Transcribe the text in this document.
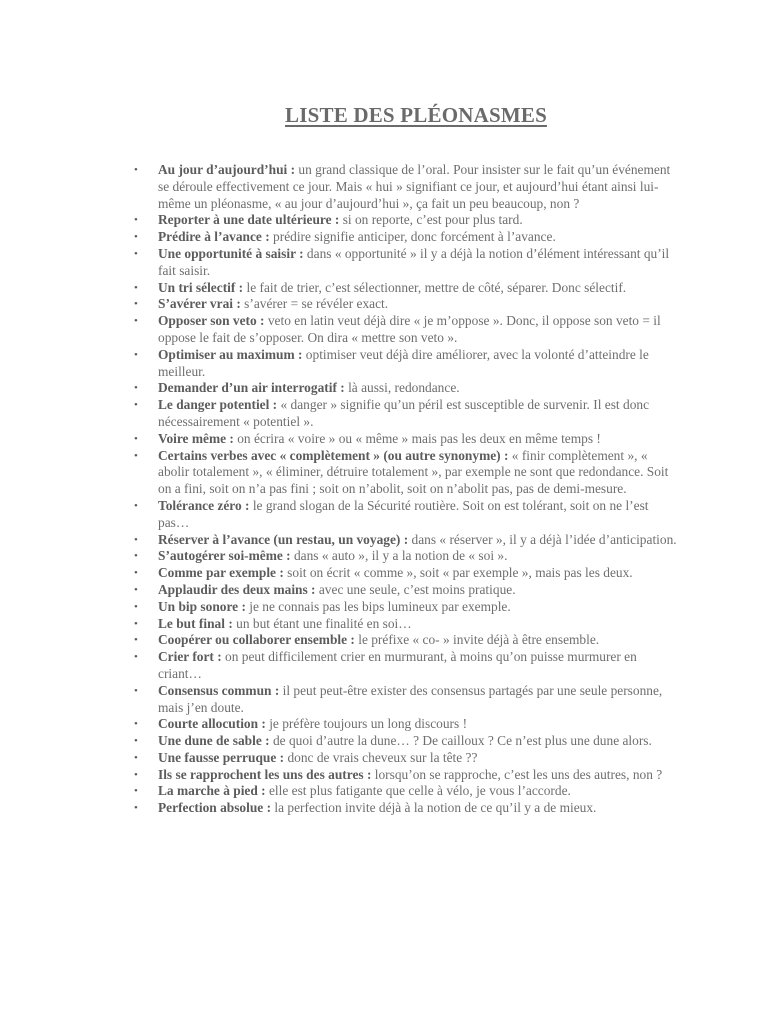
LISTE DES PLÉONASMES
• Au jour d’aujourd’hui : un grand classique de l’oral. Pour insister sur le fait qu’un événement se déroule effectivement ce jour. Mais « hui » signifiant ce jour, et aujourd’hui étant ainsi lui-même un pléonasme, « au jour d’aujourd’hui », ça fait un peu beaucoup, non ?
• Reporter à une date ultérieure : si on reporte, c’est pour plus tard.
• Prédire à l’avance : prédire signifie anticiper, donc forcément à l’avance.
• Une opportunité à saisir : dans « opportunité » il y a déjà la notion d’élément intéressant qu’il fait saisir.
• Un tri sélectif : le fait de trier, c’est sélectionner, mettre de côté, séparer. Donc sélectif.
• S’avérer vrai : s’avérer = se révéler exact.
• Opposer son veto : veto en latin veut déjà dire « je m’oppose ». Donc, il oppose son veto = il oppose le fait de s’opposer. On dira « mettre son veto ».
• Optimiser au maximum : optimiser veut déjà dire améliorer, avec la volonté d’atteindre le meilleur.
• Demander d’un air interrogatif : là aussi, redondance.
• Le danger potentiel : « danger » signifie qu’un péril est susceptible de survenir. Il est donc nécessairement « potentiel ».
• Voire même : on écrira « voire » ou « même » mais pas les deux en même temps !
• Certains verbes avec « complètement » (ou autre synonyme) : « finir complètement », « abolir totalement », « éliminer, détruire totalement », par exemple ne sont que redondance. Soit on a fini, soit on n’a pas fini ; soit on n’abolit, soit on n’abolit pas, pas de demi-mesure.
• Tolérance zéro : le grand slogan de la Sécurité routière. Soit on est tolérant, soit on ne l’est pas…
• Réserver à l’avance (un restau, un voyage) : dans « réserver », il y a déjà l’idée d’anticipation.
• S’autogérer soi-même : dans « auto », il y a la notion de « soi ».
• Comme par exemple : soit on écrit « comme », soit « par exemple », mais pas les deux.
• Applaudir des deux mains : avec une seule, c’est moins pratique.
• Un bip sonore : je ne connais pas les bips lumineux par exemple.
• Le but final : un but étant une finalité en soi…
• Coopérer ou collaborer ensemble : le préfixe « co- » invite déjà à être ensemble.
• Crier fort : on peut difficilement crier en murmurant, à moins qu’on puisse murmurer en criant…
• Consensus commun : il peut peut-être exister des consensus partagés par une seule personne, mais j’en doute.
• Courte allocution : je préfère toujours un long discours !
• Une dune de sable : de quoi d’autre la dune… ? De cailloux ? Ce n’est plus une dune alors.
• Une fausse perruque : donc de vrais cheveux sur la tête ??
• Ils se rapprochent les uns des autres : lorsqu’on se rapproche, c’est les uns des autres, non ?
• La marche à pied : elle est plus fatigante que celle à vélo, je vous l’accorde.
• Perfection absolue : la perfection invite déjà à la notion de ce qu’il y a de mieux.
